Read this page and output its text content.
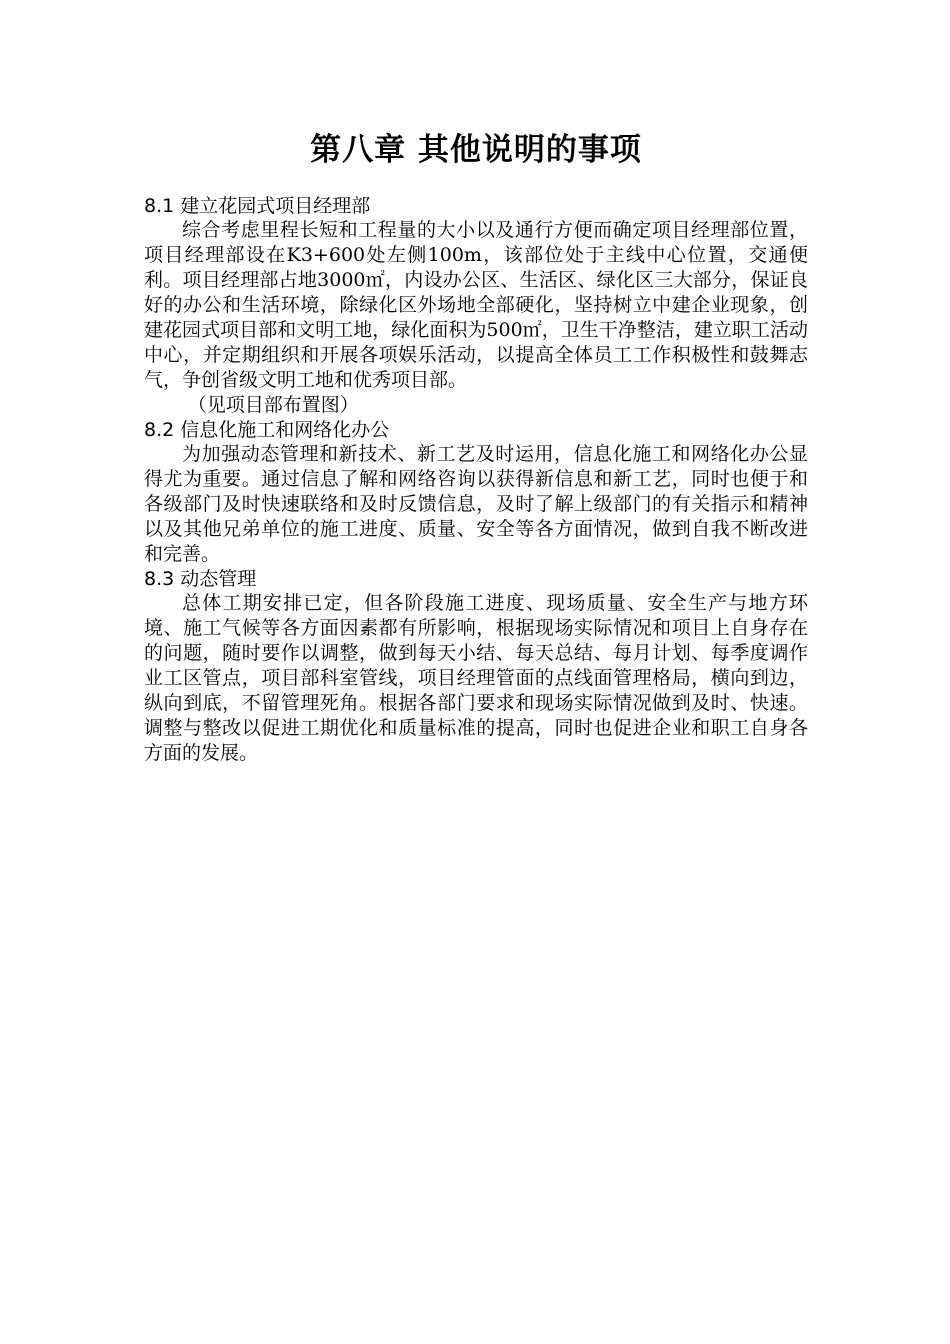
第八章 其他说明的事项
8.1 建立花园式项目经理部

综合考虑里程长短和工程量的大小以及通行方便而确定项目经理部位置，项目经理部设在K3+600处左侧100m，该部位处于主线中心位置，交通便利。项目经理部占地3000㎡，内设办公区、生活区、绿化区三大部分，保证良好的办公和生活环境，除绿化区外场地全部硬化，坚持树立中建企业现象，创建花园式项目部和文明工地，绿化面积为500㎡，卫生干净整洁，建立职工活动中心，并定期组织和开展各项娱乐活动，以提高全体员工工作积极性和鼓舞志气，争创省级文明工地和优秀项目部。

（见项目部布置图）

8.2 信息化施工和网络化办公

为加强动态管理和新技术、新工艺及时运用，信息化施工和网络化办公显得尤为重要。通过信息了解和网络咨询以获得新信息和新工艺，同时也便于和各级部门及时快速联络和及时反馈信息，及时了解上级部门的有关指示和精神以及其他兄弟单位的施工进度、质量、安全等各方面情况，做到自我不断改进和完善。

8.3 动态管理

总体工期安排已定，但各阶段施工进度、现场质量、安全生产与地方环境、施工气候等各方面因素都有所影响，根据现场实际情况和项目上自身存在的问题，随时要作以调整，做到每天小结、每天总结、每月计划、每季度调作业工区管点，项目部科室管线，项目经理管面的点线面管理格局，横向到边，纵向到底，不留管理死角。根据各部门要求和现场实际情况做到及时、快速。调整与整改以促进工期优化和质量标准的提高，同时也促进企业和职工自身各方面的发展。
